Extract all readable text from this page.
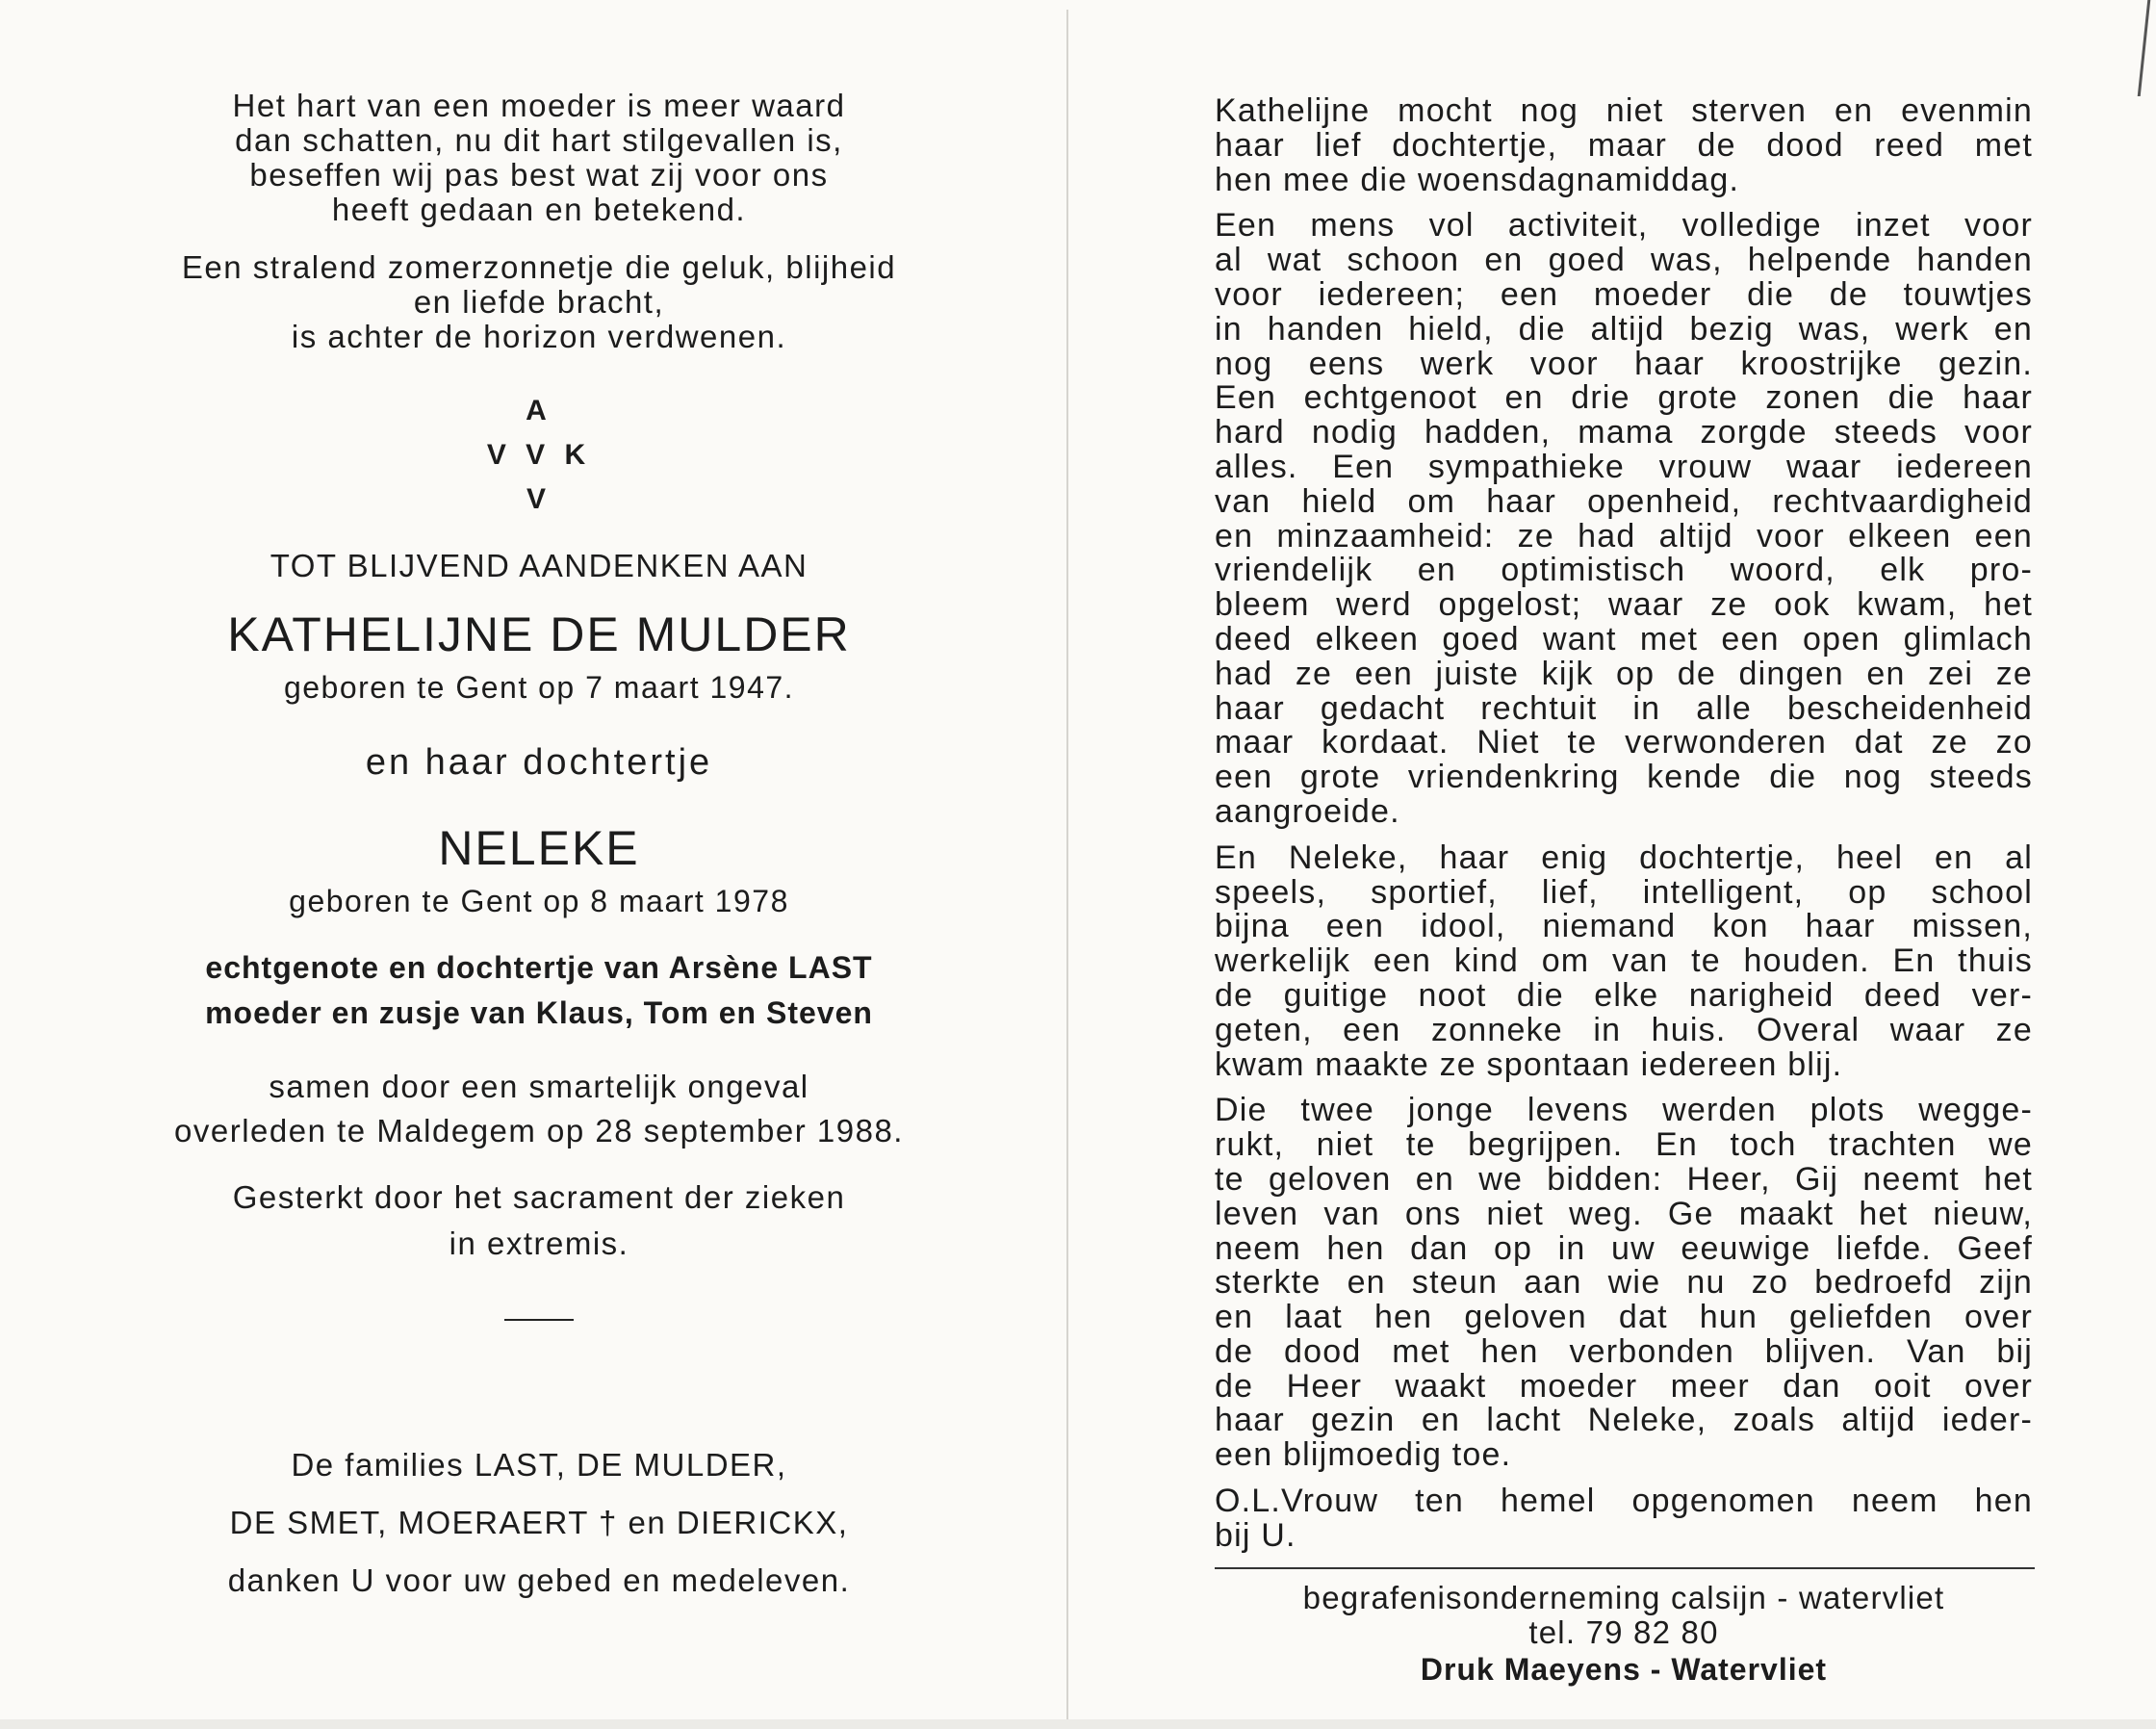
Het hart van een moeder is meer waard
dan schatten, nu dit hart stilgevallen is,
beseffen wij pas best wat zij voor ons
heeft gedaan en betekend.
Een stralend zomerzonnetje die geluk, blijheid
en liefde bracht,
is achter de horizon verdwenen.
A
V V K
V
TOT BLIJVEND AANDENKEN AAN
KATHELIJNE DE MULDER
geboren te Gent op 7 maart 1947.
en haar dochtertje
NELEKE
geboren te Gent op 8 maart 1978
echtgenote en dochtertje van Arsène LAST
moeder en zusje van Klaus, Tom en Steven
samen door een smartelijk ongeval
overleden te Maldegem op 28 september 1988.
Gesterkt door het sacrament der zieken
in extremis.
De families LAST, DE MULDER,
DE SMET, MOERAERT † en DIERICKX,
danken U voor uw gebed en medeleven.

Kathelijne mocht nog niet sterven en evenmin
haar lief dochtertje, maar de dood reed met
hen mee die woensdagnamiddag.

Een mens vol activiteit, volledige inzet voor
al wat schoon en goed was, helpende handen
voor iedereen; een moeder die de touwtjes
in handen hield, die altijd bezig was, werk en
nog eens werk voor haar kroostrijke gezin.
Een echtgenoot en drie grote zonen die haar
hard nodig hadden, mama zorgde steeds voor
alles. Een sympathieke vrouw waar iedereen
van hield om haar openheid, rechtvaardigheid
en minzaamheid: ze had altijd voor elkeen een
vriendelijk en optimistisch woord, elk pro-
bleem werd opgelost; waar ze ook kwam, het
deed elkeen goed want met een open glimlach
had ze een juiste kijk op de dingen en zei ze
haar gedacht rechtuit in alle bescheidenheid
maar kordaat. Niet te verwonderen dat ze zo
een grote vriendenkring kende die nog steeds
aangroeide.

En Neleke, haar enig dochtertje, heel en al
speels, sportief, lief, intelligent, op school
bijna een idool, niemand kon haar missen,
werkelijk een kind om van te houden. En thuis
de guitige noot die elke narigheid deed ver-
geten, een zonneke in huis. Overal waar ze
kwam maakte ze spontaan iedereen blij.

Die twee jonge levens werden plots wegge-
rukt, niet te begrijpen. En toch trachten we
te geloven en we bidden: Heer, Gij neemt het
leven van ons niet weg. Ge maakt het nieuw,
neem hen dan op in uw eeuwige liefde. Geef
sterkte en steun aan wie nu zo bedroefd zijn
en laat hen geloven dat hun geliefden over
de dood met hen verbonden blijven. Van bij
de Heer waakt moeder meer dan ooit over
haar gezin en lacht Neleke, zoals altijd ieder-
een blijmoedig toe.

O.L.Vrouw ten hemel opgenomen neem hen
bij U.

begrafenisonderneming calsijn - watervliet
tel. 79 82 80
Druk Maeyens - Watervliet
